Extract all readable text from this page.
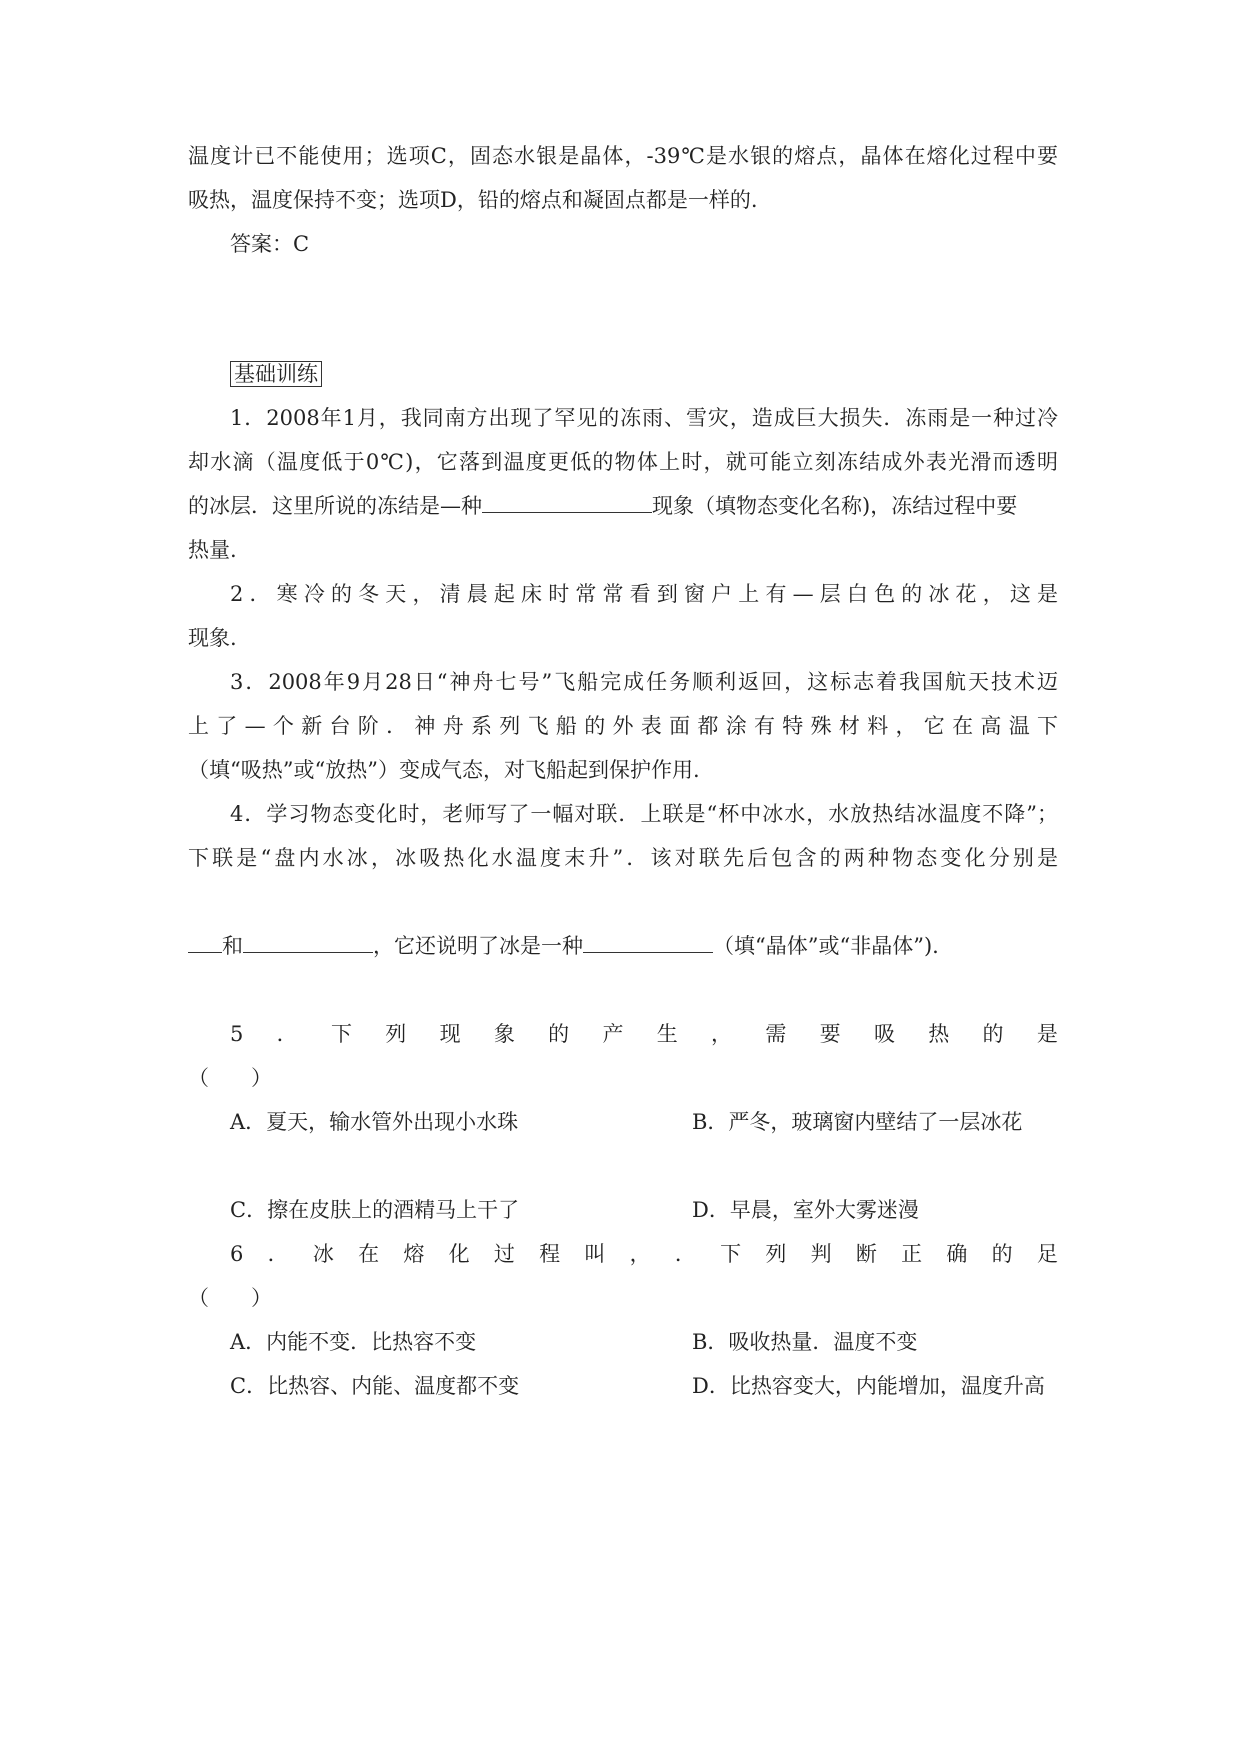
温度计已不能使用；选项C，固态水银是晶体，-39℃是水银的熔点，晶体在熔化过程中要
吸热，温度保持不变；选项D，铅的熔点和凝固点都是一样的.
答案：C
基础训练
1．2008年1月，我同南方出现了罕见的冻雨、雪灾，造成巨大损失．冻雨是一种过冷
却水滴（温度低于0℃)，它落到温度更低的物体上时，就可能立刻冻结成外表光滑而透明
的冰层．这里所说的冻结是—种	现象（填物态变化名称)，冻结过程中要
热量.
2．寒冷的冬天，清晨起床时常常看到窗户上有—层白色的冰花，这是
现象.
3．2008年9月28日“神舟七号”飞船完成任务顺利返回，这标志着我国航天技术迈
上了—个新台阶．神舟系列飞船的外表面都涂有特殊材料，它在高温下
（填“吸热”或“放热”）变成气态，对飞船起到保护作用.
4．学习物态变化时，老师写了一幅对联．上联是“杯中冰水，水放热结冰温度不降”；
下联是“盘内水冰，冰吸热化水温度末升”．该对联先后包含的两种物态变化分别是
和	，它还说明了冰是一种	（填“晶体”或“非晶体”).
5 ． 下 列 现 象 的 产 生 ， 需 要 吸 热 的 是
（　　）
A．夏天，输水管外出现小水珠	B．严冬，玻璃窗内壁结了一层冰花
C．擦在皮肤上的酒精马上干了	D．早晨，室外大雾迷漫
6 ． 冰 在 熔 化 过 程 叫 ， ． 下 列 判 断 正 确 的 足
（　　）
A．内能不变．比热容不变	B．吸收热量．温度不变
C．比热容、内能、温度都不变	D．比热容变大，内能增加，温度升高
